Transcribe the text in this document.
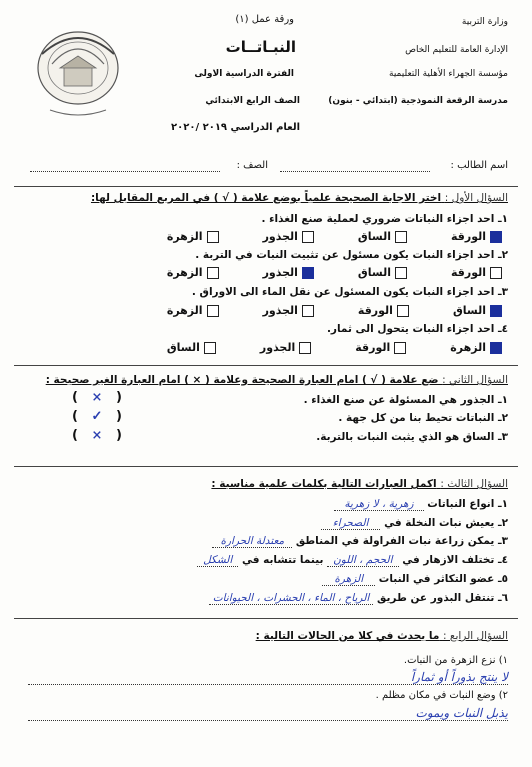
وزارة التربية
الإدارة العامة للتعليم الخاص
مؤسسة الجهراء الأهلية التعليمية
مدرسة الرقعة النموذجية (ابتدائي - بنون)
ورقة عمل (١)
النبـاتــات
الفترة الدراسية الاولى
الصف الرابع الابتدائي
العام الدراسي ٢٠١٩ /٢٠٢٠
اسم الطالب :
الصف :
السؤال الأول : اختر الاجابة الصحيحة علمياً بوضع علامة ( √ ) في المربع المقابل لها:
١ـ احد اجزاء النباتات ضروري لعملية صنع الغذاء .
الورقة
الساق
الجذور
الزهرة
٢ـ احد اجزاء النبات يكون مسئول عن تثبيت النبات في التربة .
الورقة
الساق
الجذور
الزهرة
٣ـ احد اجزاء النبات يكون المسئول عن نقل الماء الى الاوراق .
الساق
الورقة
الجذور
الزهرة
٤ـ احد اجزاء النبات يتحول الى ثمار.
الزهرة
الورقة
الجذور
الساق
السؤال الثاني : ضع علامة ( √ ) امام العبارة الصحيحة وعلامة ( × ) امام العبارة الغير صحيحة :
١ـ الجذور هي المسئولة عن صنع الغذاء .
( × )
٢ـ النباتات تحيط بنا من كل جهة .
( ✓ )
٣ـ الساق هو الذي يثبت النبات بالتربة.
( × )
السؤال الثالث : اكمل العبارات التالية بكلمات علمية مناسبة :
١ـ انواع النباتات زهرية ، لا زهرية
٢ـ يعيش نبات النخلة في الصحراء
٣ـ يمكن زراعة نبات الفراولة في المناطق معتدلة الحرارة
٤ـ تختلف الازهار في الحجم ، اللون بينما تتشابه في الشكل
٥ـ عضو التكاثر في النبات الزهرة
٦ـ تنتقل البذور عن طريق الرياح ، الماء ، الحشرات ، الحيوانات
السؤال الرابع : ما يحدث في كلا من الحالات التالية :
١) نزع الزهرة من النبات.
لا ينتج بذوراً أو ثماراً
٢) وضع النبات في مكان مظلم .
يذبل النبات ويموت
